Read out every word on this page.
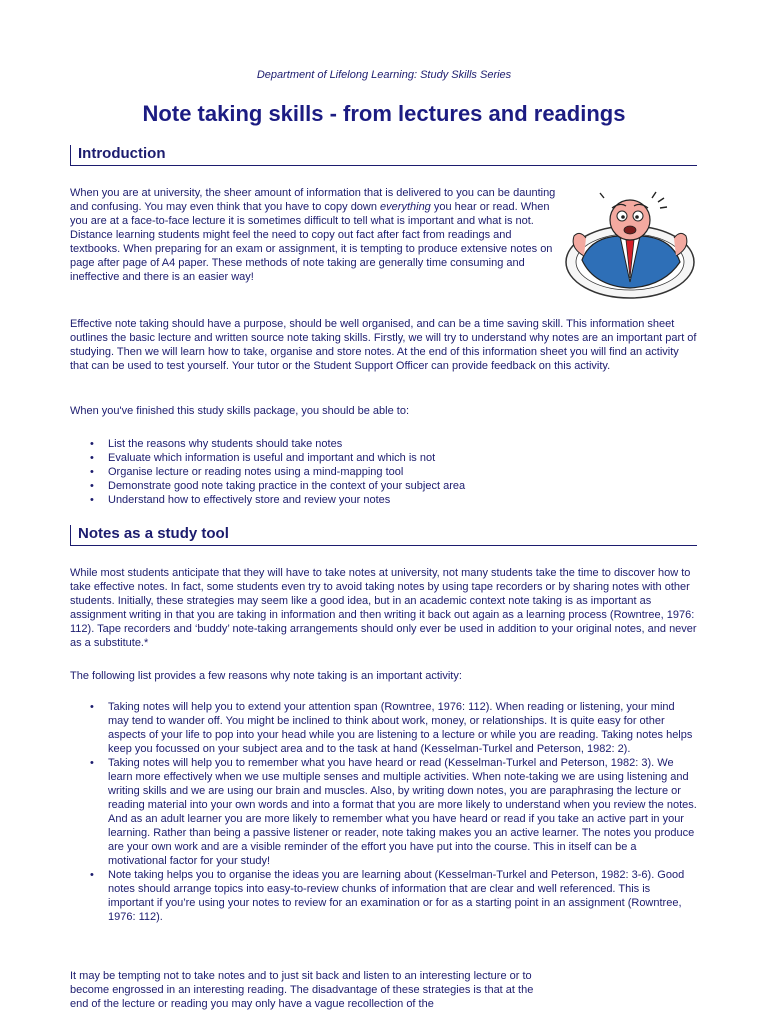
Department of Lifelong Learning: Study Skills Series
Note taking skills - from lectures and readings
Introduction

When you are at university, the sheer amount of information that is delivered to you can be daunting and confusing. You may even think that you have to copy down everything you hear or read. When you are at a face-to-face lecture it is sometimes difficult to tell what is important and what is not. Distance learning students might feel the need to copy out fact after fact from readings and textbooks. When preparing for an exam or assignment, it is tempting to produce extensive notes on page after page of A4 paper. These methods of note taking are generally time consuming and ineffective and there is an easier way!

Effective note taking should have a purpose, should be well organised, and can be a time saving skill. This information sheet outlines the basic lecture and written source note taking skills. Firstly, we will try to understand why notes are an important part of studying. Then we will learn how to take, organise and store notes. At the end of this information sheet you will find an activity that can be used to test yourself. Your tutor or the Student Support Officer can provide feedback on this activity.

When you've finished this study skills package, you should be able to:

• List the reasons why students should take notes
• Evaluate which information is useful and important and which is not
• Organise lecture or reading notes using a mind-mapping tool
• Demonstrate good note taking practice in the context of your subject area
• Understand how to effectively store and review your notes
Notes as a study tool

While most students anticipate that they will have to take notes at university, not many students take the time to discover how to take effective notes. In fact, some students even try to avoid taking notes by using tape recorders or by sharing notes with other students. Initially, these strategies may seem like a good idea, but in an academic context note taking is as important as assignment writing in that you are taking in information and then writing it back out again as a learning process (Rowntree, 1976: 112). Tape recorders and ‘buddy’ note-taking arrangements should only ever be used in addition to your original notes, and never as a substitute.*

The following list provides a few reasons why note taking is an important activity:

• Taking notes will help you to extend your attention span (Rowntree, 1976: 112). When reading or listening, your mind may tend to wander off. You might be inclined to think about work, money, or relationships. It is quite easy for other aspects of your life to pop into your head while you are listening to a lecture or while you are reading. Taking notes helps keep you focussed on your subject area and to the task at hand (Kesselman-Turkel and Peterson, 1982: 2).
• Taking notes will help you to remember what you have heard or read (Kesselman-Turkel and Peterson, 1982: 3). We learn more effectively when we use multiple senses and multiple activities. When note-taking we are using listening and writing skills and we are using our brain and muscles. Also, by writing down notes, you are paraphrasing the lecture or reading material into your own words and into a format that you are more likely to understand when you review the notes. And as an adult learner you are more likely to remember what you have heard or read if you take an active part in your learning. Rather than being a passive listener or reader, note taking makes you an active learner. The notes you produce are your own work and are a visible reminder of the effort you have put into the course. This in itself can be a motivational factor for your study!
• Note taking helps you to organise the ideas you are learning about (Kesselman-Turkel and Peterson, 1982: 3-6). Good notes should arrange topics into easy-to-review chunks of information that are clear and well referenced. This is important if you’re using your notes to review for an examination or for as a starting point in an assignment (Rowntree, 1976: 112).

It may be tempting not to take notes and to just sit back and listen to an interesting lecture or to become engrossed in an interesting reading. The disadvantage of these strategies is that at the end of the lecture or reading you may only have a vague recollection of the
